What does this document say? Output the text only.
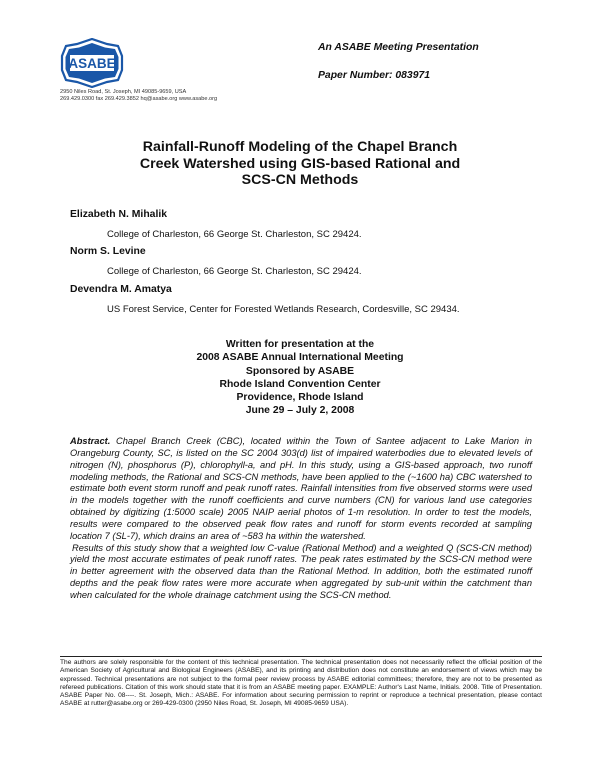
ASABE
2950 Niles Road, St. Joseph, MI 49085-9659, USA
269.429.0300 fax 269.429.3852 hq@asabe.org www.asabe.org
An ASABE Meeting Presentation
Paper Number: 083971
Rainfall-Runoff Modeling of the Chapel Branch
Creek Watershed using GIS-based Rational and
SCS-CN Methods
Elizabeth N. Mihalik
College of Charleston, 66 George St. Charleston, SC 29424.
Norm S. Levine
College of Charleston, 66 George St. Charleston, SC 29424.
Devendra M. Amatya
US Forest Service, Center for Forested Wetlands Research, Cordesville, SC 29434.
Written for presentation at the
2008 ASABE Annual International Meeting
Sponsored by ASABE
Rhode Island Convention Center
Providence, Rhode Island
June 29 – July 2, 2008

Abstract. Chapel Branch Creek (CBC), located within the Town of Santee adjacent to Lake Marion in Orangeburg County, SC, is listed on the SC 2004 303(d) list of impaired waterbodies due to elevated levels of nitrogen (N), phosphorus (P), chlorophyll-a, and pH. In this study, using a GIS-based approach, two runoff modeling methods, the Rational and SCS-CN methods, have been applied to the (~1600 ha) CBC watershed to estimate both event storm runoff and peak runoff rates. Rainfall intensities from five observed storms were used in the models together with the runoff coefficients and curve numbers (CN) for various land use categories obtained by digitizing (1:5000 scale) 2005 NAIP aerial photos of 1-m resolution. In order to test the models, results were compared to the observed peak flow rates and runoff for storm events recorded at sampling location 7 (SL-7), which drains an area of ~583 ha within the watershed.

Results of this study show that a weighted low C-value (Rational Method) and a weighted Q (SCS-CN method) yield the most accurate estimates of peak runoff rates. The peak rates estimated by the SCS-CN method were in better agreement with the observed data than the Rational Method. In addition, both the estimated runoff depths and the peak flow rates were more accurate when aggregated by sub-unit within the catchment than when calculated for the whole drainage catchment using the SCS-CN method.

The authors are solely responsible for the content of this technical presentation. The technical presentation does not necessarily reflect the official position of the American Society of Agricultural and Biological Engineers (ASABE), and its printing and distribution does not constitute an endorsement of views which may be expressed. Technical presentations are not subject to the formal peer review process by ASABE editorial committees; therefore, they are not to be presented as refereed publications. Citation of this work should state that it is from an ASABE meeting paper. EXAMPLE: Author's Last Name, Initials. 2008. Title of Presentation. ASABE Paper No. 08----. St. Joseph, Mich.: ASABE. For information about securing permission to reprint or reproduce a technical presentation, please contact ASABE at rutter@asabe.org or 269-429-0300 (2950 Niles Road, St. Joseph, MI 49085-9659 USA).
